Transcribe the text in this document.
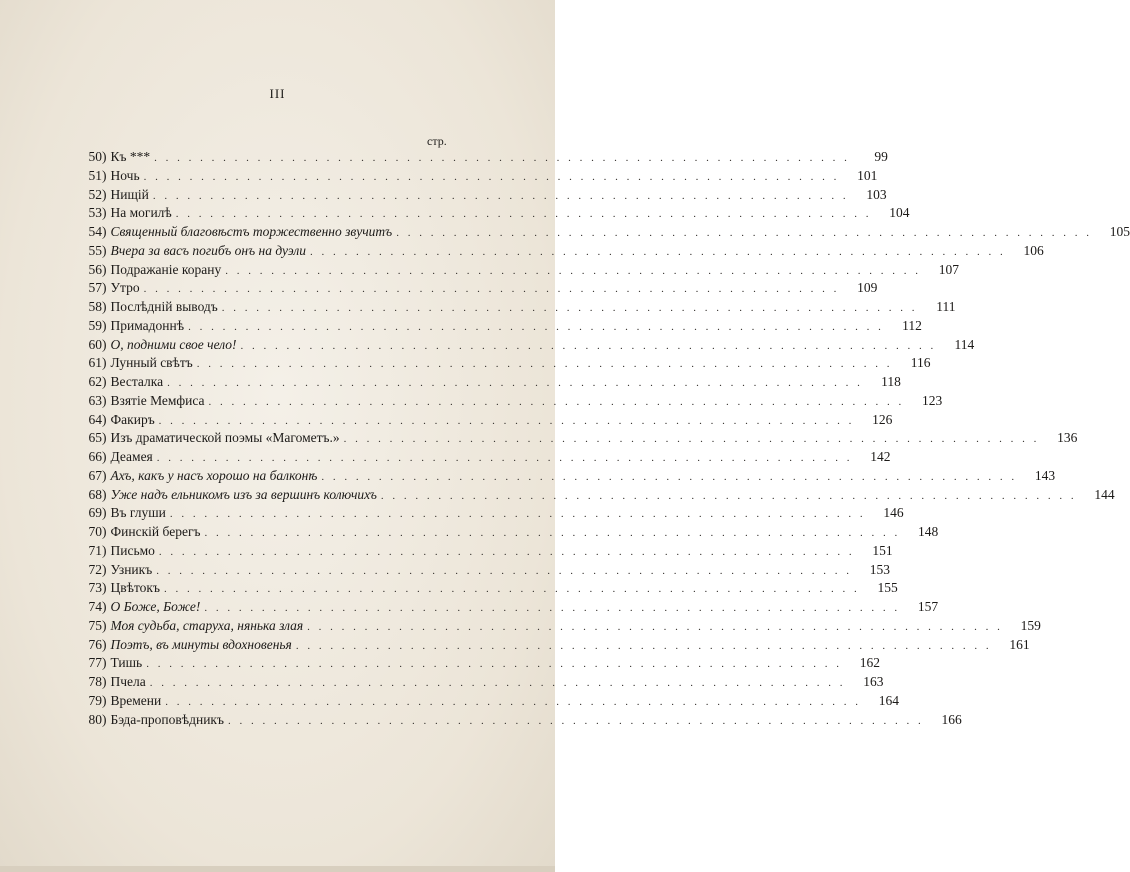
III
стр.
50 ) Къ *** . . .	99
51 ) Ночь . . .	101
52 ) Нищій . . .	103
53 ) На могилѣ . . .	104
54 ) Священный благовѣстъ торжественно звучитъ . . .	105
55 ) Вчера за васъ погибъ онъ на дуэли . . .	106
56 ) Подражаніе корану . . .	107
57 ) Утро . . .	109
58 ) Послѣдній выводъ . . .	111
59 ) Примадоннѣ . . .	112
60 ) О, подними свое чело! . . .	114
61 ) Лунный свѣтъ . . .	116
62 ) Весталка . . .	118
63 ) Взятіе Мемфиса . . .	123
64 ) Факиръ . . .	126
65 ) Изъ драматической поэмы «Магометъ.» . . .	136
66 ) Деамея . . .	142
67 ) Ахъ, какъ у насъ хорошо на балконѣ . . .	143
68 ) Уже надъ ельникомъ изъ за вершинъ колючихъ . . .	144
69 ) Въ глуши . . .	146
70 ) Финскій берегъ . . .	148
71 ) Письмо . . .	151
72 ) Узникъ . . .	153
73 ) Цвѣтокъ . . .	155
74 ) О Боже, Боже! . . .	157
75 ) Моя судьба, старуха, нянька злая . . .	159
76 ) Поэтъ, въ минуты вдохновенья . . .	161
77 ) Тишь . . .	162
78 ) Пчела . . .	163
79 ) Времени . . .	164
80 ) Бэда-проповѣдникъ . . .	166
